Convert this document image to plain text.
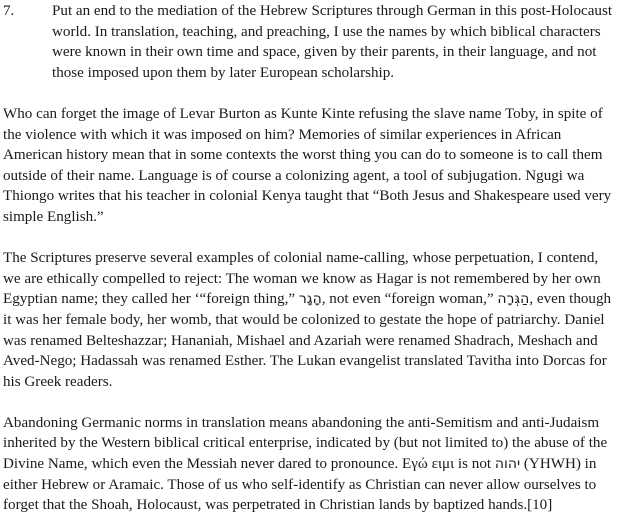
7.	Put an end to the mediation of the Hebrew Scriptures through German in this post-Holocaust world. In translation, teaching, and preaching, I use the names by which biblical characters were known in their own time and space, given by their parents, in their language, and not those imposed upon them by later European scholarship.

Who can forget the image of Levar Burton as Kunte Kinte refusing the slave name Toby, in spite of the violence with which it was imposed on him? Memories of similar experiences in African American history mean that in some contexts the worst thing you can do to someone is to call them outside of their name. Language is of course a colonizing agent, a tool of subjugation. Ngugi wa Thiongo writes that his teacher in colonial Kenya taught that “Both Jesus and Shakespeare used very simple English.”

The Scriptures preserve several examples of colonial name-calling, whose perpetuation, I contend, we are ethically compelled to reject: The woman we know as Hagar is not remembered by her own Egyptian name; they called her ‘“foreign thing,” הָגָר, not even “foreign woman,” הַגְּרָה, even though it was her female body, her womb, that would be colonized to gestate the hope of patriarchy. Daniel was renamed Belteshazzar; Hananiah, Mishael and Azariah were renamed Shadrach, Meshach and Aved-Nego; Hadassah was renamed Esther. The Lukan evangelist translated Tavitha into Dorcas for his Greek readers.

Abandoning Germanic norms in translation means abandoning the anti-Semitism and anti-Judaism inherited by the Western biblical critical enterprise, indicated by (but not limited to) the abuse of the Divine Name, which even the Messiah never dared to pronounce. Εγώ ειμι is not יהוה (YHWH) in either Hebrew or Aramaic. Those of us who self-identify as Christian can never allow ourselves to forget that the Shoah, Holocaust, was perpetrated in Christian lands by baptized hands.[10]
